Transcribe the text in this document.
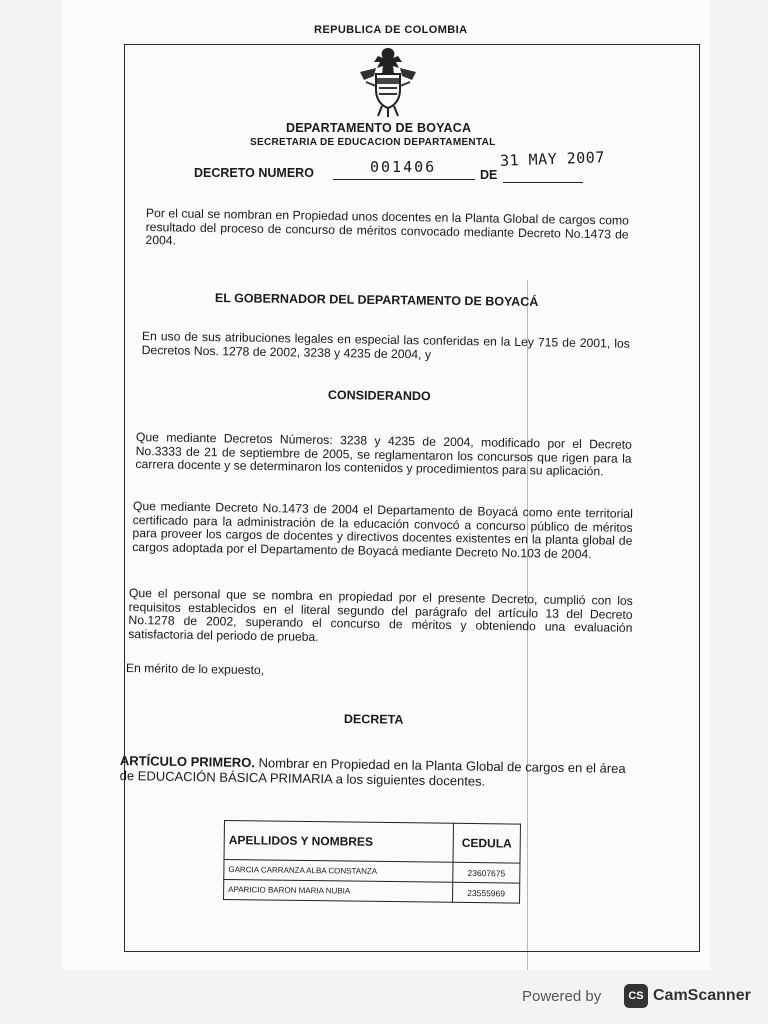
REPUBLICA DE COLOMBIA
DEPARTAMENTO DE BOYACA
SECRETARIA DE EDUCACION DEPARTAMENTAL
DECRETO NUMERO	001406	DE
31 MAY 2007
Por el cual se nombran en Propiedad unos docentes en la Planta Global de cargos como resultado del proceso de concurso de méritos convocado mediante Decreto No.1473 de 2004.
EL GOBERNADOR DEL DEPARTAMENTO DE BOYACÁ
En uso de sus atribuciones legales en especial las conferidas en la Ley 715 de 2001, los Decretos Nos. 1278 de 2002, 3238 y 4235 de 2004, y
CONSIDERANDO
Que mediante Decretos Números: 3238 y 4235 de 2004, modificado por el Decreto No.3333 de 21 de septiembre de 2005, se reglamentaron los concursos que rigen para la carrera docente y se determinaron los contenidos y procedimientos para su aplicación.
Que mediante Decreto No.1473 de 2004 el Departamento de Boyacá como ente territorial certificado para la administración de la educación convocó a concurso público de méritos para proveer los cargos de docentes y directivos docentes existentes en la planta global de cargos adoptada por el Departamento de Boyacá mediante Decreto No.103 de 2004.
Que el personal que se nombra en propiedad por el presente Decreto, cumplió con los requisitos establecidos en el literal segundo del parágrafo del artículo 13 del Decreto No.1278 de 2002, superando el concurso de méritos y obteniendo una evaluación satisfactoria del periodo de prueba.
En mérito de lo expuesto,
DECRETA
ARTÍCULO PRIMERO. Nombrar en Propiedad en la Planta Global de cargos en el área de EDUCACIÓN BÁSICA PRIMARIA a los siguientes docentes.
APELLIDOS Y NOMBRES	CEDULA
GARCIA CARRANZA ALBA CONSTANZA	23607675
APARICIO BARON MARIA NUBIA	23555969
Powered by	CS CamScanner
